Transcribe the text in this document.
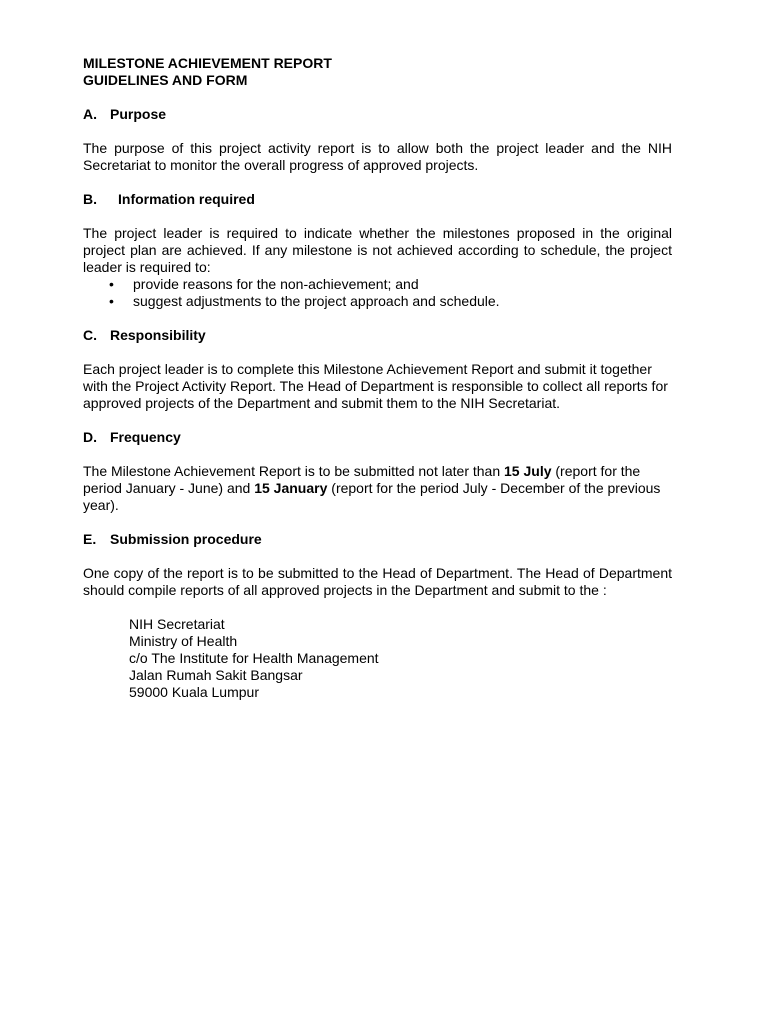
MILESTONE ACHIEVEMENT REPORT
GUIDELINES AND FORM
A. Purpose

The purpose of this project activity report is to allow both the project leader and the NIH Secretariat to monitor the overall progress of approved projects.

B.	Information required

The project leader is required to indicate whether the milestones proposed in the original project plan are achieved. If any milestone is not achieved according to schedule, the project leader is required to:

• provide reasons for the non-achievement; and
• suggest adjustments to the project approach and schedule.
C. Responsibility

Each project leader is to complete this Milestone Achievement Report and submit it together with the Project Activity Report. The Head of Department is responsible to collect all reports for approved projects of the Department and submit them to the NIH Secretariat.

D. Frequency

The Milestone Achievement Report is to be submitted not later than 15 July (report for the period January - June) and 15 January (report for the period July - December of the previous year).

E. Submission procedure

One copy of the report is to be submitted to the Head of Department. The Head of Department should compile reports of all approved projects in the Department and submit to the :

NIH Secretariat
Ministry of Health
c/o The Institute for Health Management
Jalan Rumah Sakit Bangsar
59000 Kuala Lumpur
